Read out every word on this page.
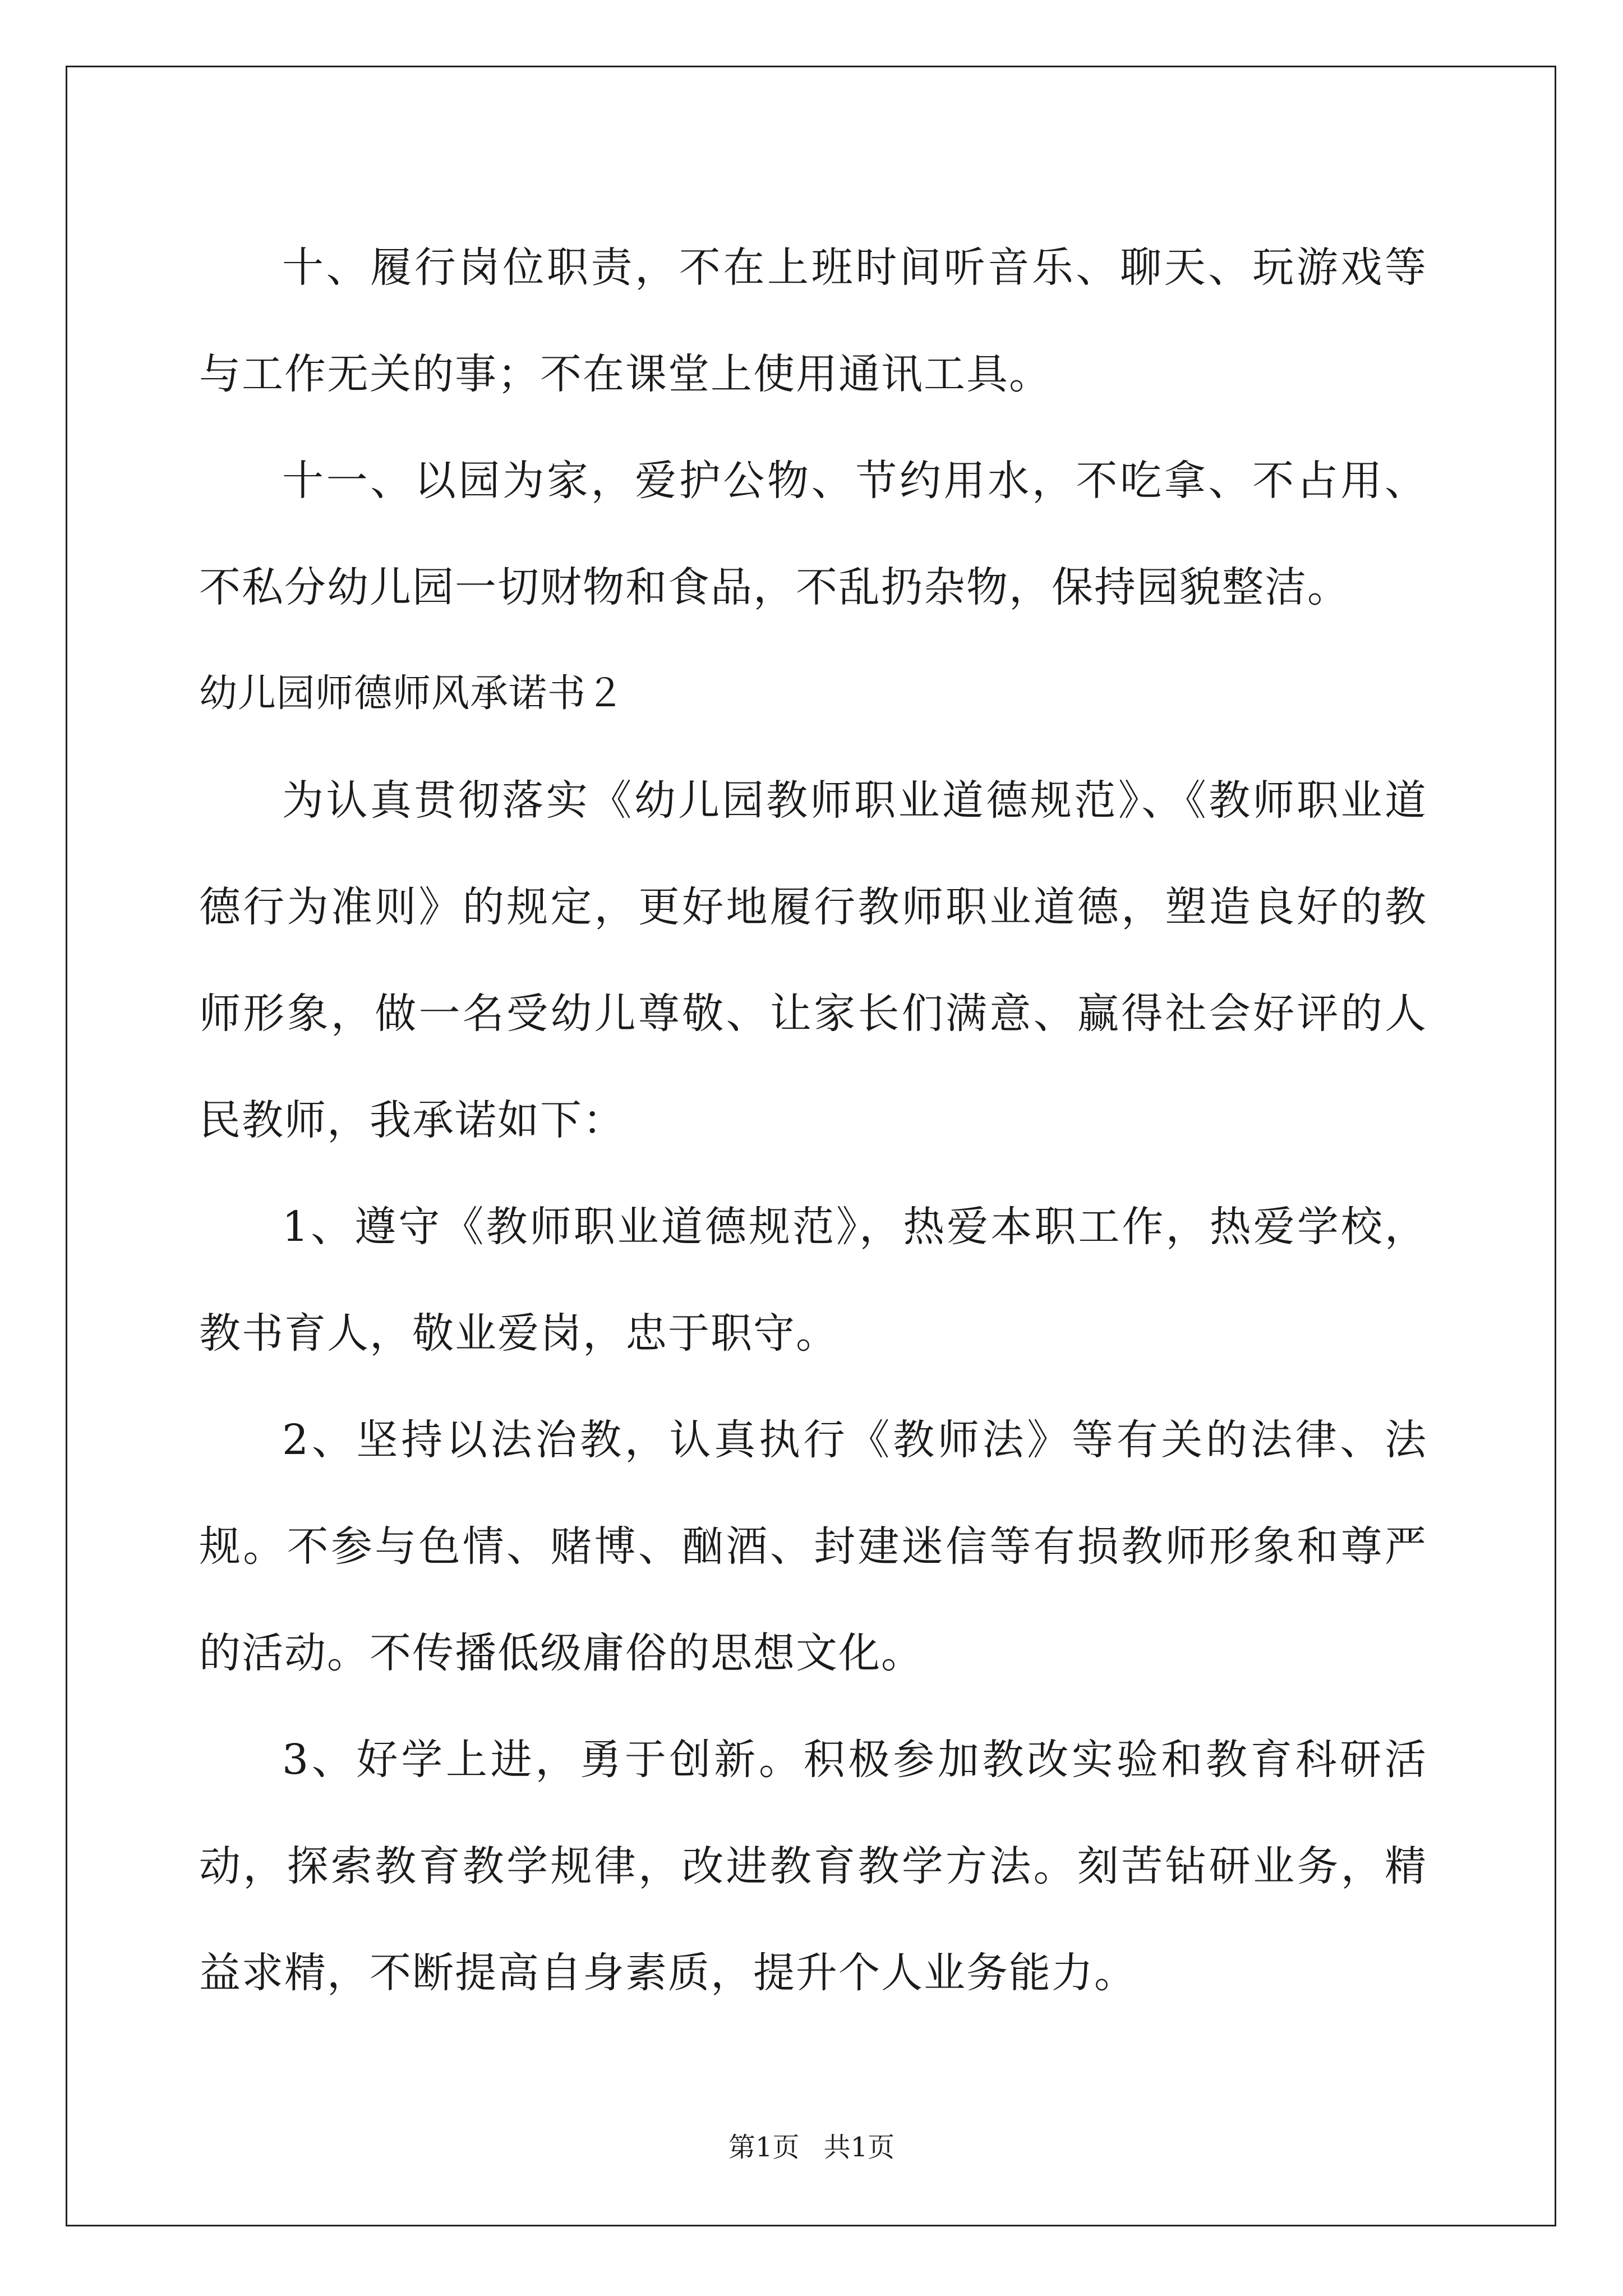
十、履行岗位职责，不在上班时间听音乐、聊天、玩游戏等与工作无关的事；不在课堂上使用通讯工具。

十一、以园为家，爱护公物、节约用水，不吃拿、不占用、不私分幼儿园一切财物和食品，不乱扔杂物，保持园貌整洁。

幼儿园师德师风承诺书２

为认真贯彻落实《幼儿园教师职业道德规范》、《教师职业道德行为准则》的规定，更好地履行教师职业道德，塑造良好的教师形象，做一名受幼儿尊敬、让家长们满意、赢得社会好评的人民教师，我承诺如下：

1、遵守《教师职业道德规范》，热爱本职工作，热爱学校，教书育人，敬业爱岗，忠于职守。

2、坚持以法治教，认真执行《教师法》等有关的法律、法规。不参与色情、赌博、酗酒、封建迷信等有损教师形象和尊严的活动。不传播低级庸俗的思想文化。

3、好学上进，勇于创新。积极参加教改实验和教育科研活动，探索教育教学规律，改进教育教学方法。刻苦钻研业务，精益求精，不断提高自身素质，提升个人业务能力。

第1页 共1页
